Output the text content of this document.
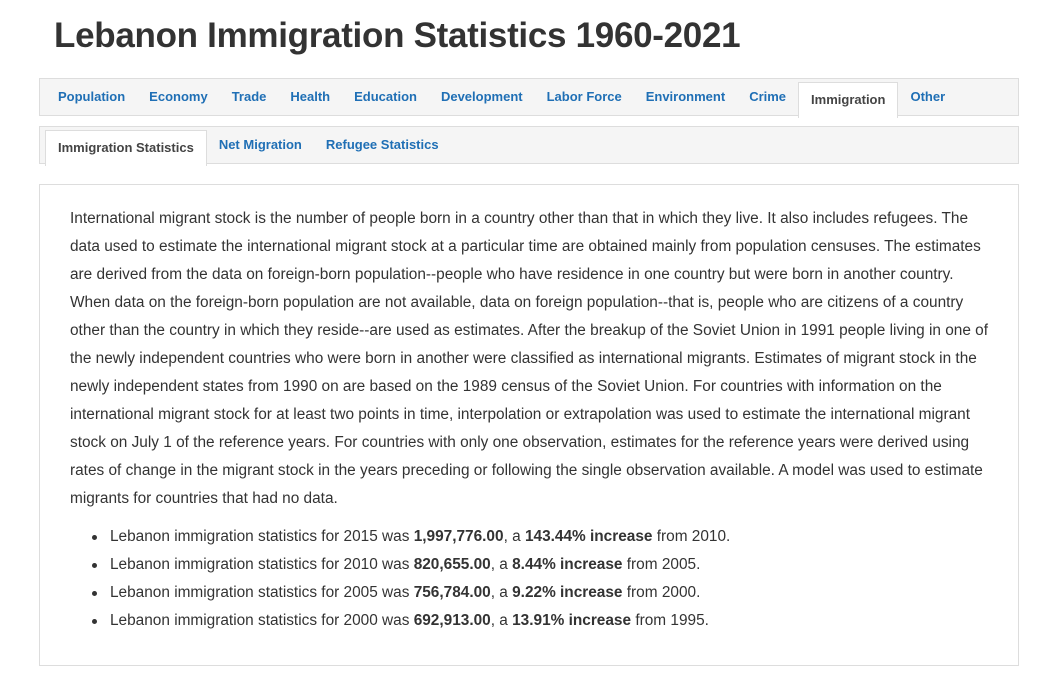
Lebanon Immigration Statistics 1960-2021
Population	Economy	Trade	Health	Education	Development	Labor Force	Environment	Crime	Immigration	Other
Immigration Statistics	Net Migration	Refugee Statistics

International migrant stock is the number of people born in a country other than that in which they live. It also includes refugees. The data used to estimate the international migrant stock at a particular time are obtained mainly from population censuses. The estimates are derived from the data on foreign-born population--people who have residence in one country but were born in another country. When data on the foreign-born population are not available, data on foreign population--that is, people who are citizens of a country other than the country in which they reside--are used as estimates. After the breakup of the Soviet Union in 1991 people living in one of the newly independent countries who were born in another were classified as international migrants. Estimates of migrant stock in the newly independent states from 1990 on are based on the 1989 census of the Soviet Union. For countries with information on the international migrant stock for at least two points in time, interpolation or extrapolation was used to estimate the international migrant stock on July 1 of the reference years. For countries with only one observation, estimates for the reference years were derived using rates of change in the migrant stock in the years preceding or following the single observation available. A model was used to estimate migrants for countries that had no data.

Lebanon immigration statistics for 2015 was 1,997,776.00, a 143.44% increase from 2010.
Lebanon immigration statistics for 2010 was 820,655.00, a 8.44% increase from 2005.
Lebanon immigration statistics for 2005 was 756,784.00, a 9.22% increase from 2000.
Lebanon immigration statistics for 2000 was 692,913.00, a 13.91% increase from 1995.
